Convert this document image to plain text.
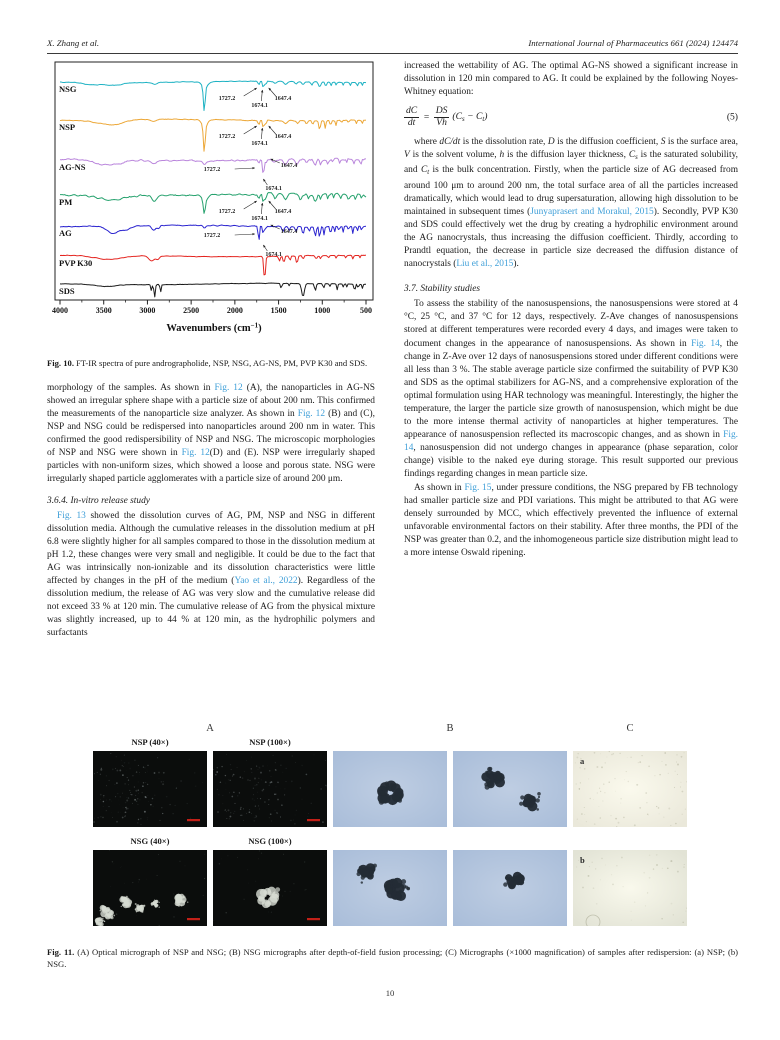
X. Zhang et al.	International Journal of Pharmaceutics 661 (2024) 124474
4000	3500	3000	2500	2000	1500	1000	500
Wavenumbers $(cm^{-1})$
NSG
1727.2
1674.1
1647.4
NSP
1727.2
1674.1
1647.4
AG-NS	1727.2
1647.4
1674.1
PM
1727.2
1674.1
1647.4
AG	1727.2
1647.4
1674.1
PVP K30
SDS
Fig. 10. FT-IR spectra of pure andrographolide, NSP, NSG, AG-NS, PM, PVP K30 and SDS.
morphology of the samples. As shown in Fig. 12 (A), the nanoparticles in AG-NS showed an irregular sphere shape with a particle size of about 200 nm. This confirmed the measurements of the nanoparticle size analyzer. As shown in Fig. 12 (B) and (C), NSP and NSG could be redispersed into nanoparticles around 200 nm in water. This confirmed the good redispersibility of NSP and NSG. The microscopic morphologies of NSP and NSG were shown in Fig. 12(D) and (E). NSP were irregularly shaped particles with non-uniform sizes, which showed a loose and porous state. NSG were irregularly shaped particle agglomerates with a particle size of around 200 μm.
3.6.4. In-vitro release study
Fig. 13 showed the dissolution curves of AG, PM, NSP and NSG in different dissolution media. Although the cumulative releases in the dissolution medium at pH 6.8 were slightly higher for all samples compared to those in the dissolution medium at pH 1.2, these changes were very small and negligible. It could be due to the fact that AG was intrinsically non-ionizable and its dissolution characteristics were little affected by changes in the pH of the medium (Yao et al., 2022). Regardless of the dissolution medium, the release of AG was very slow and the cumulative release did not exceed 33 % at 120 min. The cumulative release of AG from the physical mixture was slightly increased, up to 44 % at 120 min, as the hydrophilic polymers and surfactants
increased the wettability of AG. The optimal AG-NS showed a significant increase in dissolution in 120 min compared to AG. It could be explained by the following Noyes-Whitney equation:
$\frac{dC}{dt} = \frac{DS}{Vh} (C_s - C_t)$	(5)
where dC/dt is the dissolution rate, D is the diffusion coefficient, S is the surface area, V is the solvent volume, h is the diffusion layer thickness, $C_s$ is the saturated solubility, and $C_t$ is the bulk concentration. Firstly, when the particle size of AG decreased from around 100 μm to around 200 nm, the total surface area of all the particles increased dramatically, which would lead to drug supersaturation, allowing high dissolution to be maintained in subsequent times (Junyaprasert and Morakul, 2015). Secondly, PVP K30 and SDS could effectively wet the drug by creating a hydrophilic environment around the AG nanocrystals, thus increasing the diffusion coefficient. Thirdly, according to Prandtl equation, the decrease in particle size decreased the diffusion distance of nanocrystals (Liu et al., 2015).
3.7. Stability studies
To assess the stability of the nanosuspensions, the nanosuspensions were stored at 4 °C, 25 °C, and 37 °C for 12 days, respectively. Z-Ave changes of nanosuspensions stored at different temperatures were recorded every 4 days, and images were taken to document changes in the appearance of nanosuspensions. As shown in Fig. 14, the change in Z-Ave over 12 days of nanosuspensions stored under different conditions were all less than 3 %. The stable average particle size confirmed the suitability of PVP K30 and SDS as the optimal stabilizers for AG-NS, and a comprehensive exploration of the optimal formulation using HAR technology was meaningful. Interestingly, the higher the temperature, the larger the particle size growth of nanosuspension, which might be due to the more intense thermal activity of nanoparticles at higher temperatures. The appearance of nanosuspension reflected its macroscopic changes, and as shown in Fig. 14, nanosuspension did not undergo changes in appearance (phase separation, color change) visible to the naked eye during storage. This result supported our previous findings regarding changes in mean particle size.
As shown in Fig. 15, under pressure conditions, the NSG prepared by FB technology had smaller particle size and PDI variations. This might be attributed to that AG were densely surrounded by MCC, which effectively prevented the influence of external unfavorable environmental factors on their stability. After three months, the PDI of the NSP was greater than 0.2, and the inhomogeneous particle size distribution might lead to a more intense Oswald ripening.
A	B	C
NSP (40×)	NSP (100×)
a
NSG (40×)	NSG (100×)
b
Fig. 11. (A) Optical micrograph of NSP and NSG; (B) NSG micrographs after depth-of-field fusion processing; (C) Micrographs (×1000 magnification) of samples after redispersion: (a) NSP; (b) NSG.
10
